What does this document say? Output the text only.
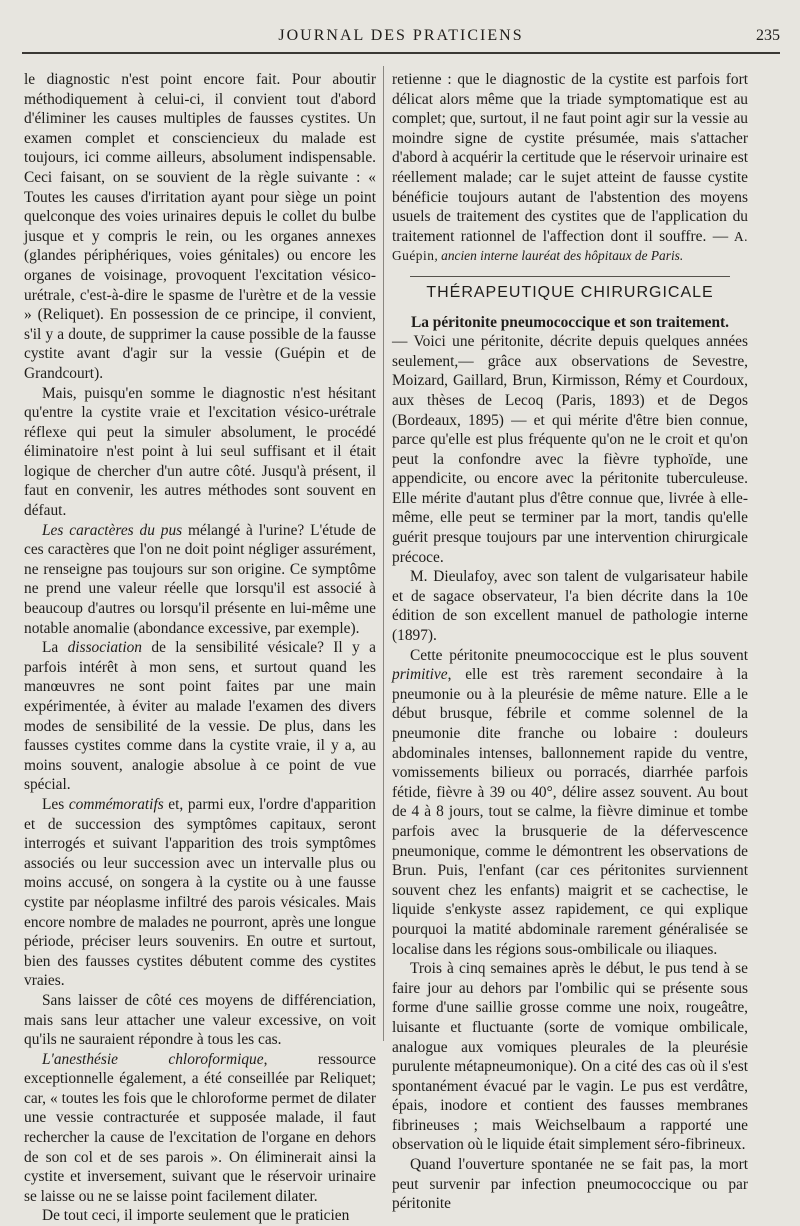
JOURNAL DES PRATICIENS	235

le diagnostic n'est point encore fait. Pour aboutir méthodiquement à celui-ci, il convient tout d'abord d'éliminer les causes multiples de fausses cystites. Un examen complet et consciencieux du malade est toujours, ici comme ailleurs, absolument indispensable. Ceci faisant, on se souvient de la règle suivante : « Toutes les causes d'irritation ayant pour siège un point quelconque des voies urinaires depuis le collet du bulbe jusque et y compris le rein, ou les organes annexes (glandes périphériques, voies génitales) ou encore les organes de voisinage, provoquent l'excitation vésico-urétrale, c'est-à-dire le spasme de l'urètre et de la vessie » (Reliquet). En possession de ce principe, il convient, s'il y a doute, de supprimer la cause possible de la fausse cystite avant d'agir sur la vessie (Guépin et de Grandcourt).

Mais, puisqu'en somme le diagnostic n'est hésitant qu'entre la cystite vraie et l'excitation vésico-urétrale réflexe qui peut la simuler absolument, le procédé éliminatoire n'est point à lui seul suffisant et il était logique de chercher d'un autre côté. Jusqu'à présent, il faut en convenir, les autres méthodes sont souvent en défaut.

Les caractères du pus mélangé à l'urine? L'étude de ces caractères que l'on ne doit point négliger assurément, ne renseigne pas toujours sur son origine. Ce symptôme ne prend une valeur réelle que lorsqu'il est associé à beaucoup d'autres ou lorsqu'il présente en lui-même une notable anomalie (abondance excessive, par exemple).

La dissociation de la sensibilité vésicale? Il y a parfois intérêt à mon sens, et surtout quand les manœuvres ne sont point faites par une main expérimentée, à éviter au malade l'examen des divers modes de sensibilité de la vessie. De plus, dans les fausses cystites comme dans la cystite vraie, il y a, au moins souvent, analogie absolue à ce point de vue spécial.

Les commémoratifs et, parmi eux, l'ordre d'apparition et de succession des symptômes capitaux, seront interrogés et suivant l'apparition des trois symptômes associés ou leur succession avec un intervalle plus ou moins accusé, on songera à la cystite ou à une fausse cystite par néoplasme infiltré des parois vésicales. Mais encore nombre de malades ne pourront, après une longue période, préciser leurs souvenirs. En outre et surtout, bien des fausses cystites débutent comme des cystites vraies.

Sans laisser de côté ces moyens de différenciation, mais sans leur attacher une valeur excessive, on voit qu'ils ne sauraient répondre à tous les cas.

L'anesthésie chloroformique, ressource exceptionnelle également, a été conseillée par Reliquet; car, « toutes les fois que le chloroforme permet de dilater une vessie contracturée et supposée malade, il faut rechercher la cause de l'excitation de l'organe en dehors de son col et de ses parois ». On éliminerait ainsi la cystite et inversement, suivant que le réservoir urinaire se laisse ou ne se laisse point facilement dilater.

De tout ceci, il importe seulement que le praticien

retienne : que le diagnostic de la cystite est parfois fort délicat alors même que la triade symptomatique est au complet; que, surtout, il ne faut point agir sur la vessie au moindre signe de cystite présumée, mais s'attacher d'abord à acquérir la certitude que le réservoir urinaire est réellement malade; car le sujet atteint de fausse cystite bénéficie toujours autant de l'abstention des moyens usuels de traitement des cystites que de l'application du traitement rationnel de l'affection dont il souffre. — A. Guépin, ancien interne lauréat des hôpitaux de Paris.

THÉRAPEUTIQUE CHIRURGICALE
La péritonite pneumococcique et son traitement.

— Voici une péritonite, décrite depuis quelques années seulement,— grâce aux observations de Sevestre, Moizard, Gaillard, Brun, Kirmisson, Rémy et Courdoux, aux thèses de Lecoq (Paris, 1893) et de Degos (Bordeaux, 1895) — et qui mérite d'être bien connue, parce qu'elle est plus fréquente qu'on ne le croit et qu'on peut la confondre avec la fièvre typhoïde, une appendicite, ou encore avec la péritonite tuberculeuse. Elle mérite d'autant plus d'être connue que, livrée à elle-même, elle peut se terminer par la mort, tandis qu'elle guérit presque toujours par une intervention chirurgicale précoce.

M. Dieulafoy, avec son talent de vulgarisateur habile et de sagace observateur, l'a bien décrite dans la 10e édition de son excellent manuel de pathologie interne (1897).

Cette péritonite pneumococcique est le plus souvent primitive, elle est très rarement secondaire à la pneumonie ou à la pleurésie de même nature. Elle a le début brusque, fébrile et comme solennel de la pneumonie dite franche ou lobaire : douleurs abdominales intenses, ballonnement rapide du ventre, vomissements bilieux ou porracés, diarrhée parfois fétide, fièvre à 39 ou 40°, délire assez souvent. Au bout de 4 à 8 jours, tout se calme, la fièvre diminue et tombe parfois avec la brusquerie de la défervescence pneumonique, comme le démontrent les observations de Brun. Puis, l'enfant (car ces péritonites surviennent souvent chez les enfants) maigrit et se cachectise, le liquide s'enkyste assez rapidement, ce qui explique pourquoi la matité abdominale rarement généralisée se localise dans les régions sous-ombilicale ou iliaques.

Trois à cinq semaines après le début, le pus tend à se faire jour au dehors par l'ombilic qui se présente sous forme d'une saillie grosse comme une noix, rougeâtre, luisante et fluctuante (sorte de vomique ombilicale, analogue aux vomiques pleurales de la pleurésie purulente métapneumonique). On a cité des cas où il s'est spontanément évacué par le vagin. Le pus est verdâtre, épais, inodore et contient des fausses membranes fibrineuses ; mais Weichselbaum a rapporté une observation où le liquide était simplement séro-fibrineux.

Quand l'ouverture spontanée ne se fait pas, la mort peut survenir par infection pneumococcique ou par péritonite
